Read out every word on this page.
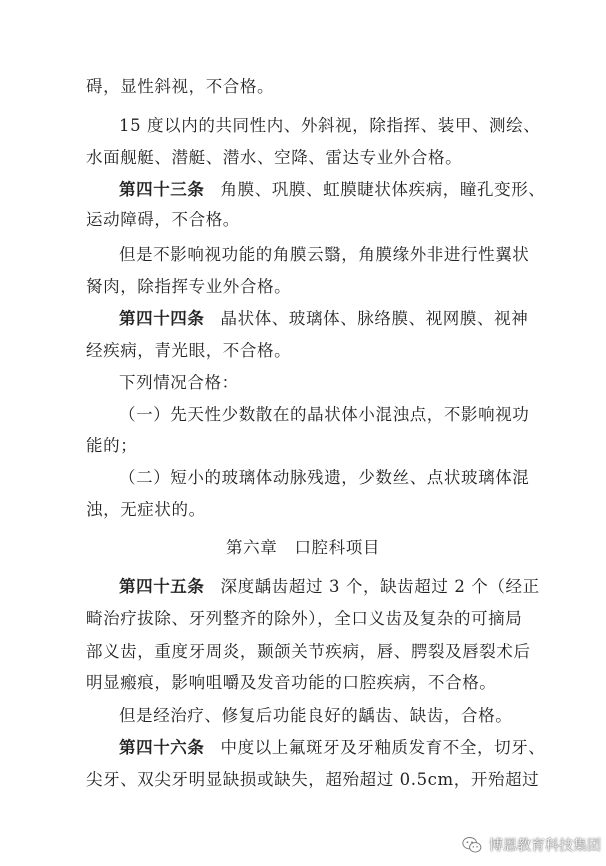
碍，显性斜视，不合格。
15 度以内的共同性内、外斜视，除指挥、装甲、测绘、
水面舰艇、潜艇、潜水、空降、雷达专业外合格。
第四十三条 角膜、巩膜、虹膜睫状体疾病，瞳孔变形、
运动障碍，不合格。
但是不影响视功能的角膜云翳，角膜缘外非进行性翼状
胬肉，除指挥专业外合格。
第四十四条 晶状体、玻璃体、脉络膜、视网膜、视神
经疾病，青光眼，不合格。
下列情况合格：
（一）先天性少数散在的晶状体小混浊点，不影响视功
能的；
（二）短小的玻璃体动脉残遗，少数丝、点状玻璃体混
浊，无症状的。
第六章　口腔科项目
第四十五条 深度龋齿超过 3 个，缺齿超过 2 个（经正
畸治疗拔除、牙列整齐的除外），全口义齿及复杂的可摘局
部义齿，重度牙周炎，颞颌关节疾病，唇、腭裂及唇裂术后
明显瘢痕，影响咀嚼及发音功能的口腔疾病，不合格。
但是经治疗、修复后功能良好的龋齿、缺齿，合格。
第四十六条 中度以上氟斑牙及牙釉质发育不全，切牙、
尖牙、双尖牙明显缺损或缺失，超殆超过 0.5cm，开殆超过
博恩教育科技集团
